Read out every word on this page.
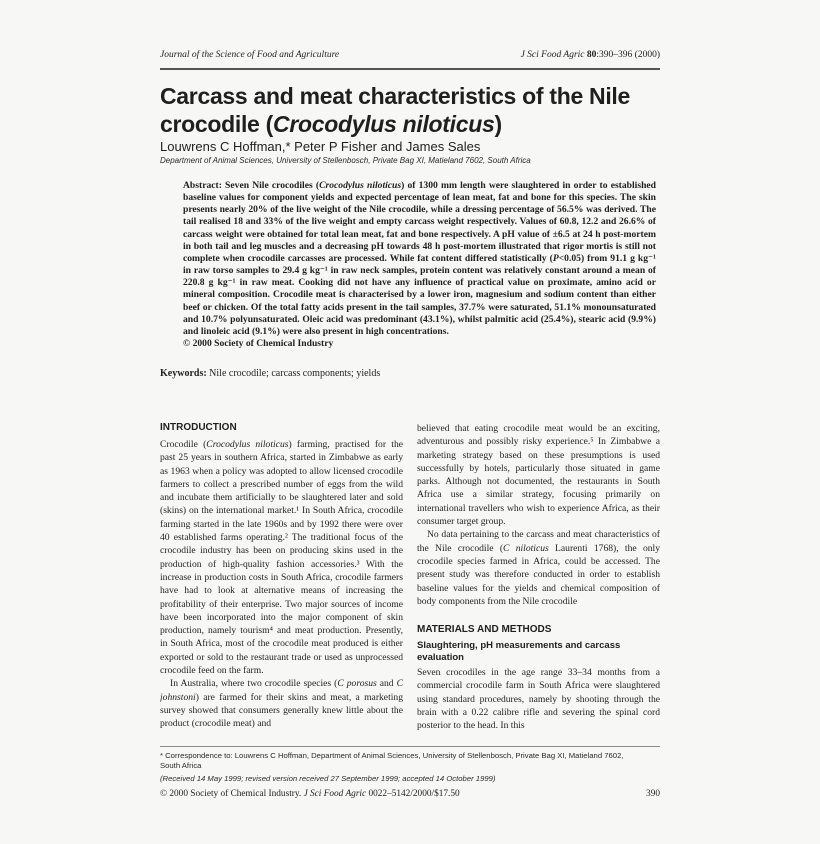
Journal of the Science of Food and Agriculture	J Sci Food Agric 80:390–396 (2000)
Carcass and meat characteristics of the Nile crocodile (Crocodylus niloticus)
Louwrens C Hoffman,* Peter P Fisher and James Sales
Department of Animal Sciences, University of Stellenbosch, Private Bag XI, Matieland 7602, South Africa
Abstract: Seven Nile crocodiles (Crocodylus niloticus) of 1300 mm length were slaughtered in order to established baseline values for component yields and expected percentage of lean meat, fat and bone for this species. The skin presents nearly 20% of the live weight of the Nile crocodile, while a dressing percentage of 56.5% was derived. The tail realised 18 and 33% of the live weight and empty carcass weight respectively. Values of 60.8, 12.2 and 26.6% of carcass weight were obtained for total lean meat, fat and bone respectively. A pH value of ±6.5 at 24 h post-mortem in both tail and leg muscles and a decreasing pH towards 48 h post-mortem illustrated that rigor mortis is still not complete when crocodile carcasses are processed. While fat content differed statistically (P<0.05) from 91.1 g kg⁻¹ in raw torso samples to 29.4 g kg⁻¹ in raw neck samples, protein content was relatively constant around a mean of 220.8 g kg⁻¹ in raw meat. Cooking did not have any influence of practical value on proximate, amino acid or mineral composition. Crocodile meat is characterised by a lower iron, magnesium and sodium content than either beef or chicken. Of the total fatty acids present in the tail samples, 37.7% were saturated, 51.1% monounsaturated and 10.7% polyunsaturated. Oleic acid was predominant (43.1%), whilst palmitic acid (25.4%), stearic acid (9.9%) and linoleic acid (9.1%) were also present in high concentrations.
© 2000 Society of Chemical Industry
Keywords: Nile crocodile; carcass components; yields
INTRODUCTION

Crocodile (Crocodylus niloticus) farming, practised for the past 25 years in southern Africa, started in Zimbabwe as early as 1963 when a policy was adopted to allow licensed crocodile farmers to collect a prescribed number of eggs from the wild and incubate them artificially to be slaughtered later and sold (skins) on the international market.¹ In South Africa, crocodile farming started in the late 1960s and by 1992 there were over 40 established farms operating.² The traditional focus of the crocodile industry has been on producing skins used in the production of high-quality fashion accessories.³ With the increase in production costs in South Africa, crocodile farmers have had to look at alternative means of increasing the profitability of their enterprise. Two major sources of income have been incorporated into the major component of skin production, namely tourism⁴ and meat production. Presently, in South Africa, most of the crocodile meat produced is either exported or sold to the restaurant trade or used as unprocessed crocodile feed on the farm.

In Australia, where two crocodile species (C porosus and C johnstoni) are farmed for their skins and meat, a marketing survey showed that consumers generally knew little about the product (crocodile meat) and

believed that eating crocodile meat would be an exciting, adventurous and possibly risky experience.⁵ In Zimbabwe a marketing strategy based on these presumptions is used successfully by hotels, particularly those situated in game parks. Although not documented, the restaurants in South Africa use a similar strategy, focusing primarily on international travellers who wish to experience Africa, as their consumer target group.

No data pertaining to the carcass and meat characteristics of the Nile crocodile (C niloticus Laurenti 1768), the only crocodile species farmed in Africa, could be accessed. The present study was therefore conducted in order to establish baseline values for the yields and chemical composition of body components from the Nile crocodile

MATERIALS AND METHODS
Slaughtering, pH measurements and carcass evaluation

Seven crocodiles in the age range 33–34 months from a commercial crocodile farm in South Africa were slaughtered using standard procedures, namely by shooting through the brain with a 0.22 calibre rifle and severing the spinal cord posterior to the head. In this

* Correspondence to: Louwrens C Hoffman, Department of Animal Sciences, University of Stellenbosch, Private Bag XI, Matieland 7602, South Africa
(Received 14 May 1999; revised version received 27 September 1999; accepted 14 October 1999)
© 2000 Society of Chemical Industry. J Sci Food Agric 0022–5142/2000/$17.50	390
